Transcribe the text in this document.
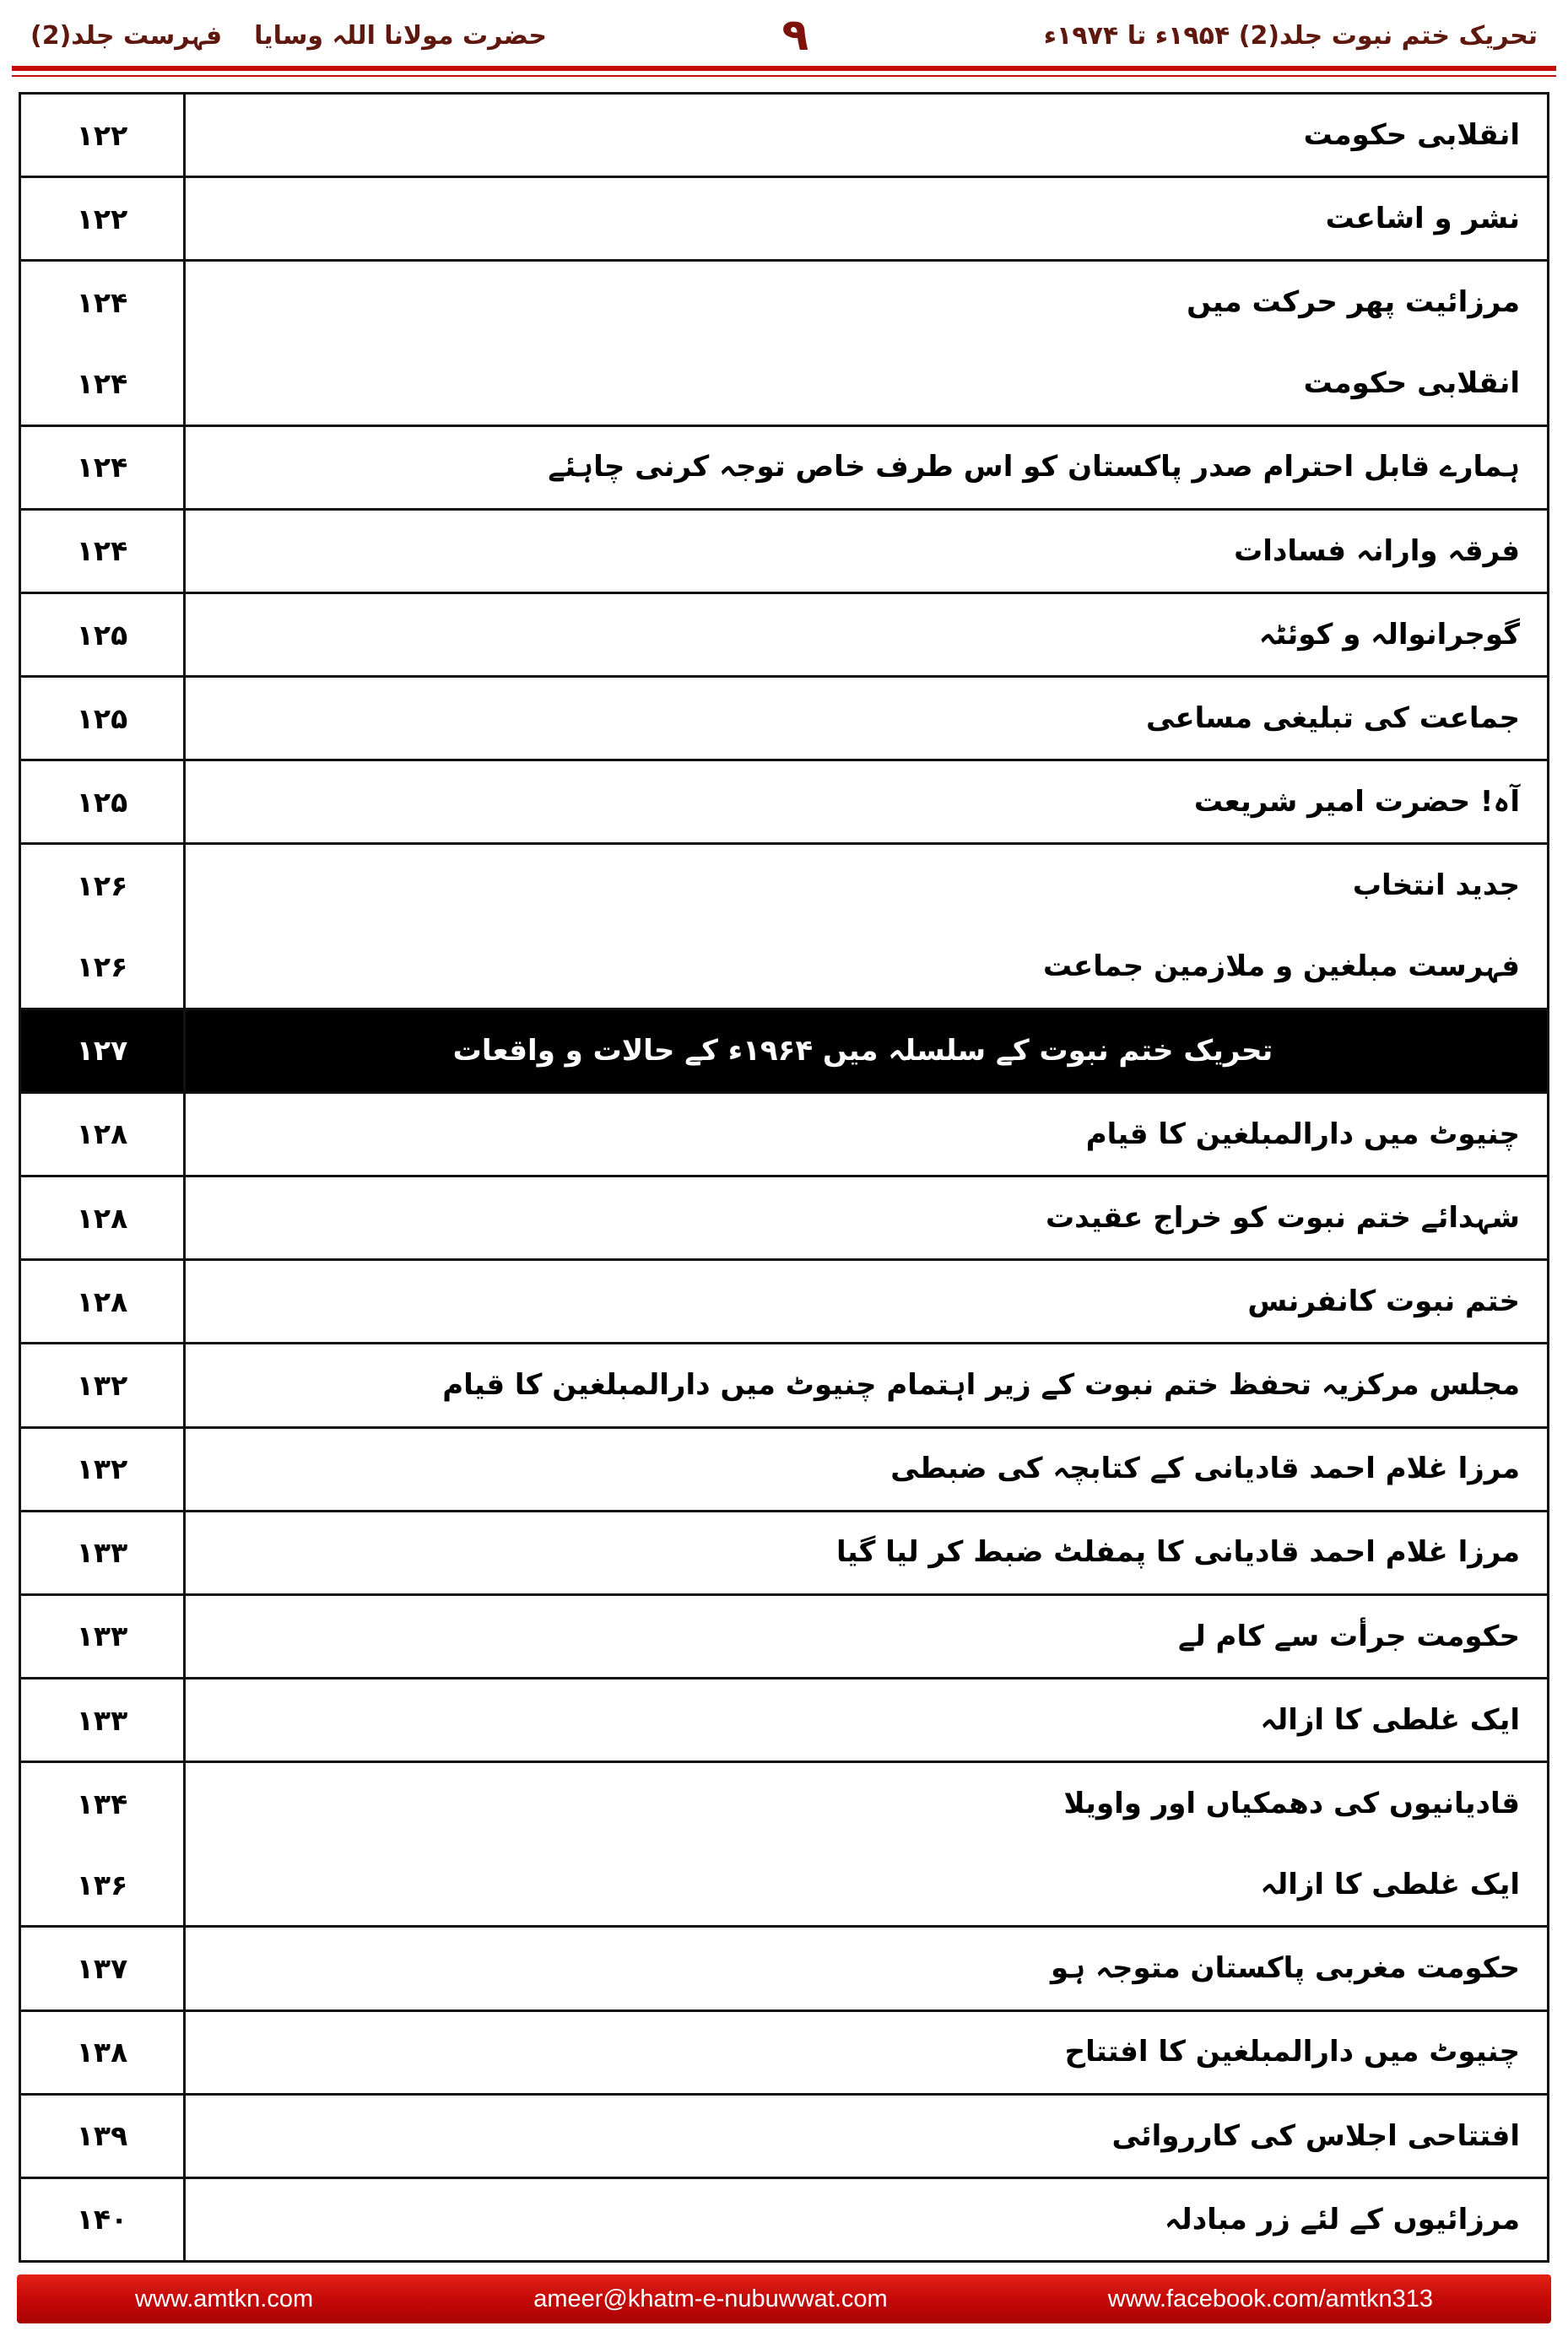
فہرست جلد(2) حضرت مولانا اللہ وسایا	۹	تحریک ختم نبوت جلد(2) ۱۹۵۴ء تا ۱۹۷۴ء
۱۲۲	انقلابی حکومت
۱۲۲	نشر و اشاعت
۱۲۴	مرزائیت پھر حرکت میں
۱۲۴	انقلابی حکومت
۱۲۴	ہمارے قابل احترام صدر پاکستان کو اس طرف خاص توجہ کرنی چاہئے
۱۲۴	فرقہ وارانہ فسادات
۱۲۵	گوجرانوالہ و کوئٹہ
۱۲۵	جماعت کی تبلیغی مساعی
۱۲۵	آہ! حضرت امیر شریعت
۱۲۶	جدید انتخاب
۱۲۶	فہرست مبلغین و ملازمین جماعت
۱۲۷	تحریک ختم نبوت کے سلسلہ میں ۱۹۶۴ء کے حالات و واقعات
۱۲۸	چنیوٹ میں دارالمبلغین کا قیام
۱۲۸	شہدائے ختم نبوت کو خراج عقیدت
۱۲۸	ختم نبوت کانفرنس
۱۳۲	مجلس مرکزیہ تحفظ ختم نبوت کے زیر اہتمام چنیوٹ میں دارالمبلغین کا قیام
۱۳۲	مرزا غلام احمد قادیانی کے کتابچہ کی ضبطی
۱۳۳	مرزا غلام احمد قادیانی کا پمفلٹ ضبط کر لیا گیا
۱۳۳	حکومت جرأت سے کام لے
۱۳۳	ایک غلطی کا ازالہ
۱۳۴	قادیانیوں کی دھمکیاں اور واویلا
۱۳۶	ایک غلطی کا ازالہ
۱۳۷	حکومت مغربی پاکستان متوجہ ہو
۱۳۸	چنیوٹ میں دارالمبلغین کا افتتاح
۱۳۹	افتتاحی اجلاس کی کارروائی
۱۴۰	مرزائیوں کے لئے زر مبادلہ
www.amtkn.com	ameer@khatm-e-nubuwwat.com	www.facebook.com/amtkn313
